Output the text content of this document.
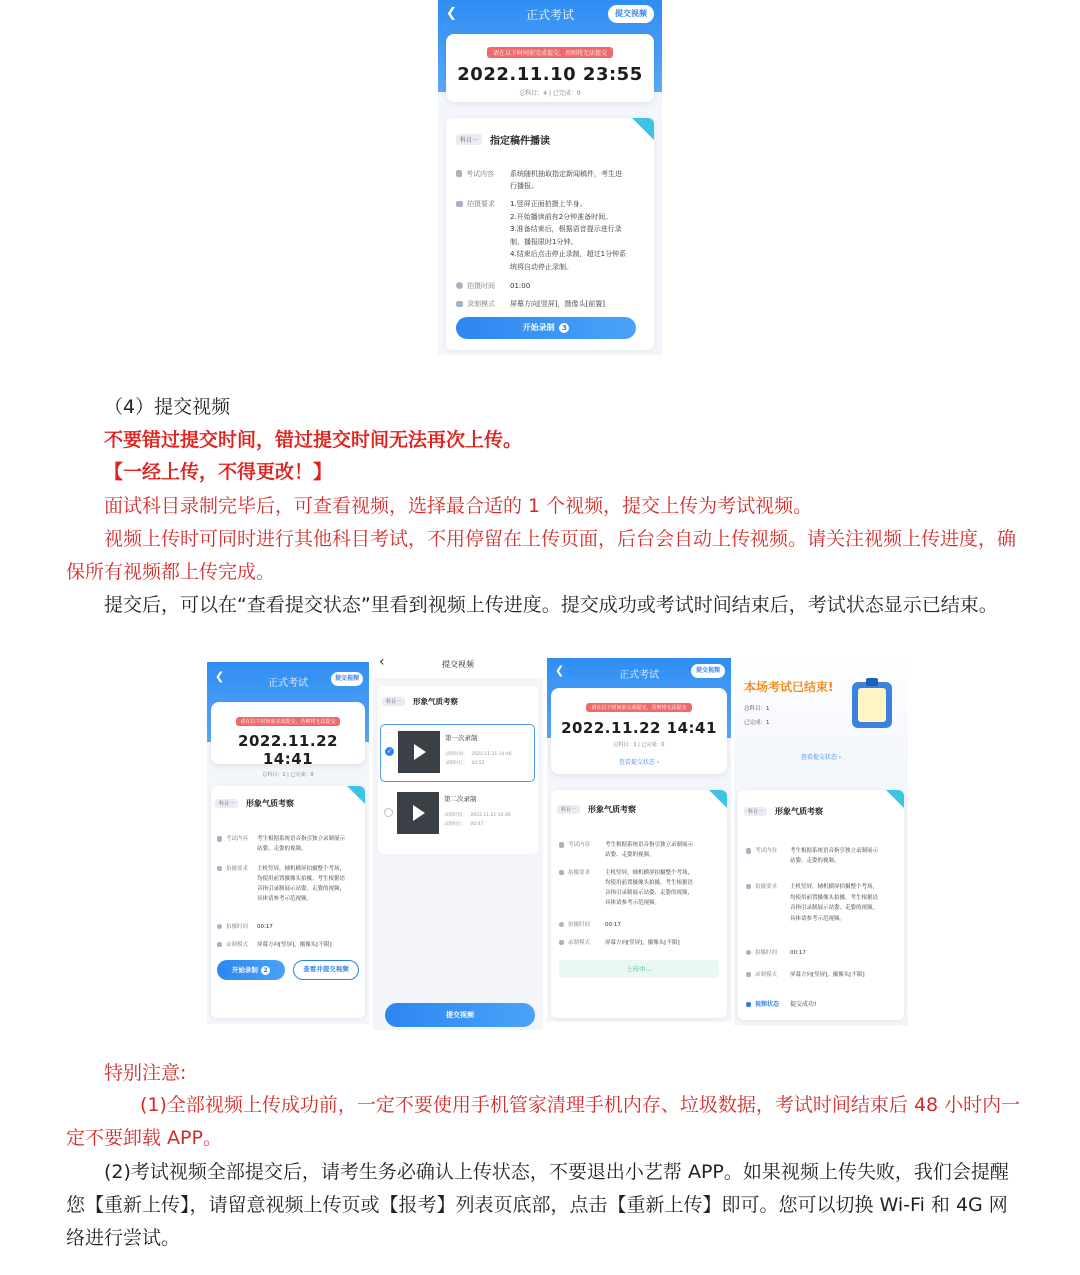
❮	正式考试	提交视频
请在以下时间前完成提交，否则将无法提交
2022.11.10 23:55
总科目：4 | 已完成：0
科目一	指定稿件播读
考试内容 系统随机抽取指定新闻稿件，考生进
行播报。
拍摄要求 1.竖屏正面拍摄上半身。
2.开始播读前有2分钟准备时间。
3.准备结束后，根据语音提示进行录
制，播报限时1分钟。
4.结束后点击停止录制，超过1分钟系
统将自动停止录制。
拍摄时间 01:00
录制模式 屏幕方向[竖屏]，摄像头[前置]
开始录制 3
（4）提交视频
不要错过提交时间，错过提交时间无法再次上传。
【一经上传，不得更改！】
面试科目录制完毕后，可查看视频，选择最合适的 1 个视频，提交上传为考试视频。
视频上传时可同时进行其他科目考试，不用停留在上传页面，后台会自动上传视频。请关注视频上传进度，确
保所有视频都上传完成。
提交后，可以在“查看提交状态”里看到视频上传进度。提交成功或考试时间结束后，考试状态显示已结束。
❮
正式考试	提交视频
请在以下时间前完成提交，否则将无法提交
2022.11.22 14:41
总科目：1 | 已完成：0
科目一	形象气质考察
考试内容 考生根据系统语音指引独立录制展示
站姿、走姿的视频。
拍摄要求 主机竖屏，辅机横屏拍摄整个考场，
均使用前置摄像头拍摄。考生根据语
音指引录制展示站姿、走姿的视频，
具体请参考示范视频。
拍摄时间 00:17
录制模式 屏幕方向[竖屏]，摄像头[不限]
开始录制 2	查看并提交视频
‹	提交视频
科目一	形象气质考察
✓
第一次录制
录制时间： 2022.11.21 14:46
录制时长： 00:52
第二次录制
录制时间： 2022.11.21 14:46
录制时长： 00:47
提交视频
❮	正式考试	提交视频
请在以下时间前完成提交，否则将无法提交
2022.11.22 14:41
总科目：1 | 已完成：0
查看提交状态 ›
科目一	形象气质考察
考试内容	考生根据系统语音指引独立录制展示
站姿、走姿的视频。
拍摄要求	主机竖屏，辅机横屏拍摄整个考场，
均使用前置摄像头拍摄。考生根据语
音指引录制展示站姿、走姿的视频，
具体请参考示范视频。
拍摄时间	00:17
录制模式	屏幕方向[竖屏]，摄像头[不限]
上传中...
本场考试已结束!
总科目：1
已完成：1
查看提交状态 ›
科目一	形象气质考察
考试内容 考生根据系统语音指引独立录制展示
站姿、走姿的视频。
拍摄要求 主机竖屏，辅机横屏拍摄整个考场，
均使用前置摄像头拍摄。考生根据语
音指引录制展示站姿、走姿的视频，
具体请参考示范视频。
拍摄时间 00:17
录制模式 屏幕方向[竖屏]，摄像头[不限]
视频状态 提交成功!
特别注意:
(1)全部视频上传成功前，一定不要使用手机管家清理手机内存、垃圾数据，考试时间结束后 48 小时内一
定不要卸载 APP。
(2)考试视频全部提交后，请考生务必确认上传状态，不要退出小艺帮 APP。如果视频上传失败，我们会提醒
您【重新上传】，请留意视频上传页或【报考】列表页底部，点击【重新上传】即可。您可以切换 Wi-Fi 和 4G 网
络进行尝试。
